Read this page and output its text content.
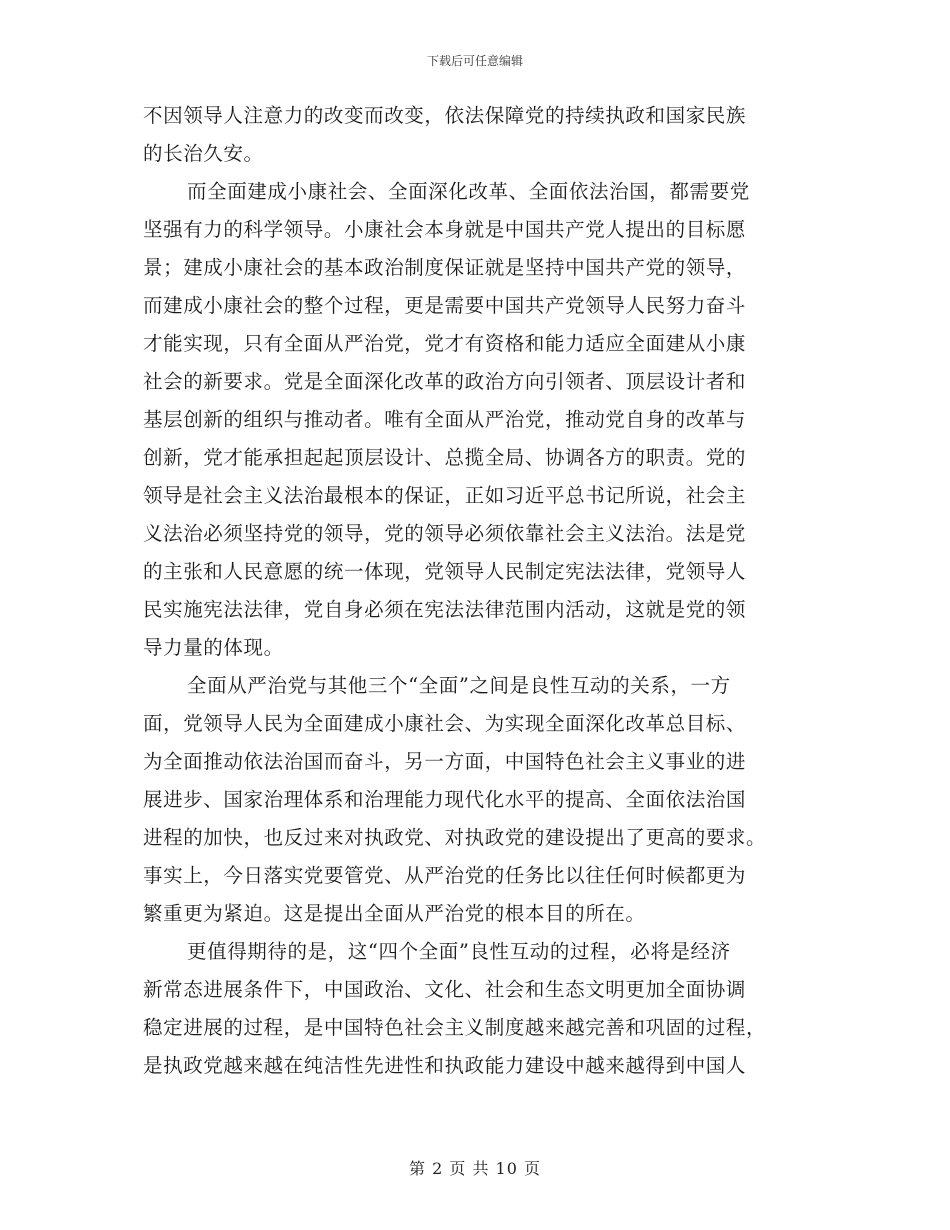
下载后可任意编辑
不因领导人注意力的改变而改变，依法保障党的持续执政和国家民族
的长治久安。
而全面建成小康社会、全面深化改革、全面依法治国，都需要党
坚强有力的科学领导。小康社会本身就是中国共产党人提出的目标愿
景；建成小康社会的基本政治制度保证就是坚持中国共产党的领导，
而建成小康社会的整个过程，更是需要中国共产党领导人民努力奋斗
才能实现，只有全面从严治党，党才有资格和能力适应全面建从小康
社会的新要求。党是全面深化改革的政治方向引领者、顶层设计者和
基层创新的组织与推动者。唯有全面从严治党，推动党自身的改革与
创新，党才能承担起起顶层设计、总揽全局、协调各方的职责。党的
领导是社会主义法治最根本的保证，正如习近平总书记所说，社会主
义法治必须坚持党的领导，党的领导必须依靠社会主义法治。法是党
的主张和人民意愿的统一体现，党领导人民制定宪法法律，党领导人
民实施宪法法律，党自身必须在宪法法律范围内活动，这就是党的领
导力量的体现。
全面从严治党与其他三个“全面”之间是良性互动的关系，一方
面，党领导人民为全面建成小康社会、为实现全面深化改革总目标、
为全面推动依法治国而奋斗，另一方面，中国特色社会主义事业的进
展进步、国家治理体系和治理能力现代化水平的提高、全面依法治国
进程的加快，也反过来对执政党、对执政党的建设提出了更高的要求。
事实上，今日落实党要管党、从严治党的任务比以往任何时候都更为
繁重更为紧迫。这是提出全面从严治党的根本目的所在。
更值得期待的是，这“四个全面”良性互动的过程，必将是经济
新常态进展条件下，中国政治、文化、社会和生态文明更加全面协调
稳定进展的过程，是中国特色社会主义制度越来越完善和巩固的过程，
是执政党越来越在纯洁性先进性和执政能力建设中越来越得到中国人
第 2 页 共 10 页
